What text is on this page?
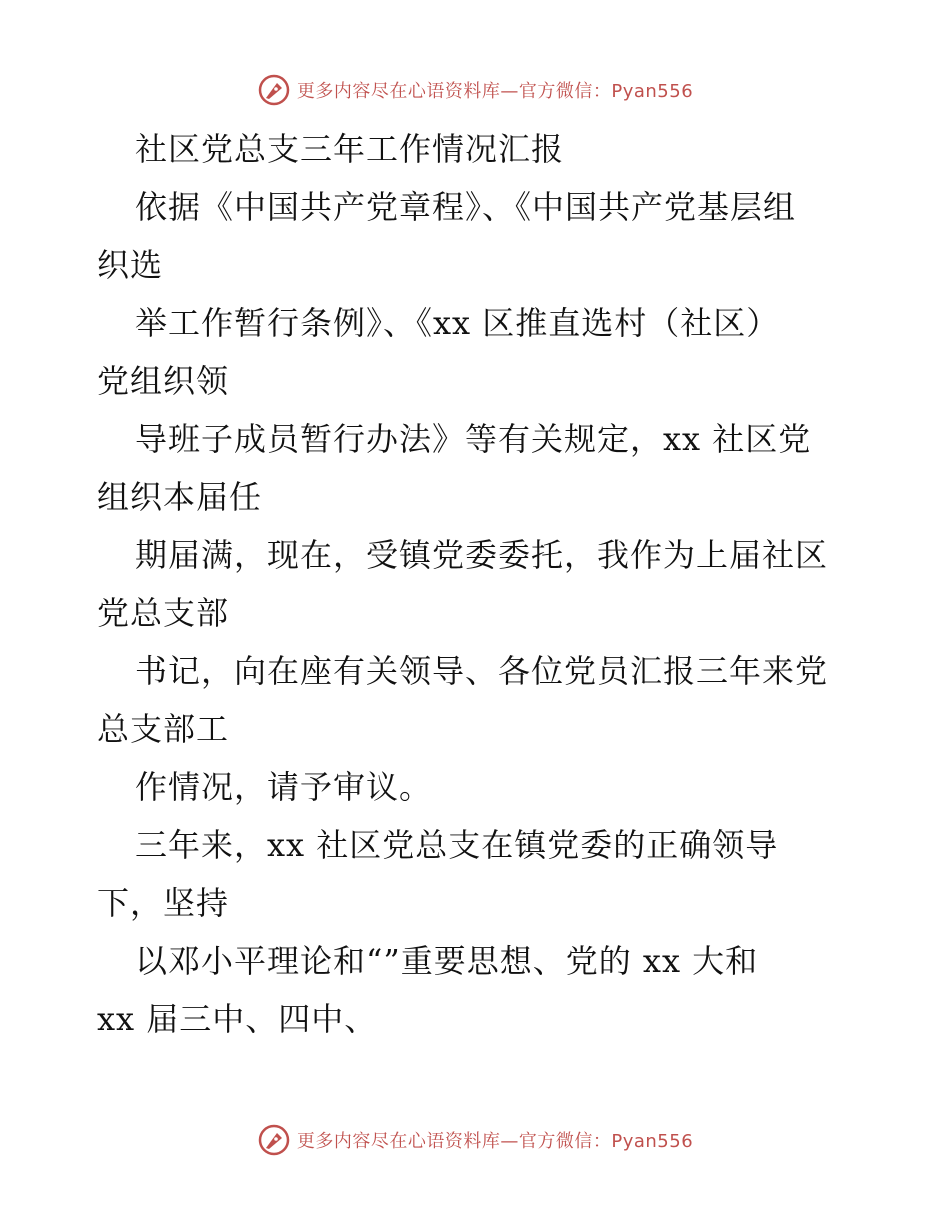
更多内容尽在心语资料库—官方微信：Pyan556
社区党总支三年工作情况汇报
依据《中国共产党章程》、《中国共产党基层组
织选
举工作暂行条例》、《xx 区推直选村（社区）
党组织领
导班子成员暂行办法》等有关规定，xx 社区党
组织本届任
期届满，现在，受镇党委委托，我作为上届社区
党总支部
书记，向在座有关领导、各位党员汇报三年来党
总支部工
作情况，请予审议。
三年来，xx 社区党总支在镇党委的正确领导
下，坚持
以邓小平理论和“”重要思想、党的 xx 大和
xx 届三中、四中、
更多内容尽在心语资料库—官方微信：Pyan556
